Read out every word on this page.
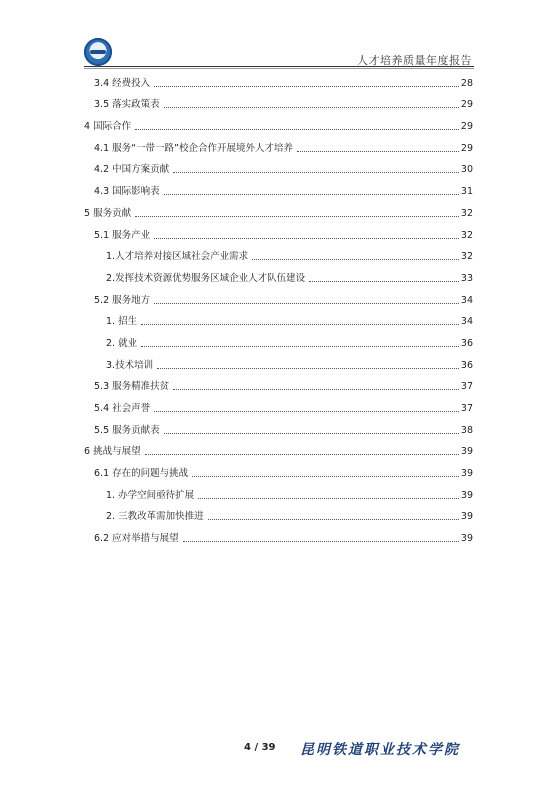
人才培养质量年度报告
3.4 经费投入	28
3.5 落实政策表	29
4 国际合作	29
4.1 服务“一带一路”校企合作开展境外人才培养	29
4.2 中国方案贡献	30
4.3 国际影响表	31
5 服务贡献	32
5.1 服务产业	32
1.人才培养对接区域社会产业需求	32
2.发挥技术资源优势服务区域企业人才队伍建设	33
5.2 服务地方	34
1. 招生	34
2. 就业	36
3.技术培训	36
5.3 服务精准扶贫	37
5.4 社会声誉	37
5.5 服务贡献表	38
6 挑战与展望	39
6.1 存在的问题与挑战	39
1. 办学空间亟待扩展	39
2. 三教改革需加快推进	39
6.2 应对举措与展望	39
4 / 39 昆明铁道职业技术学院
